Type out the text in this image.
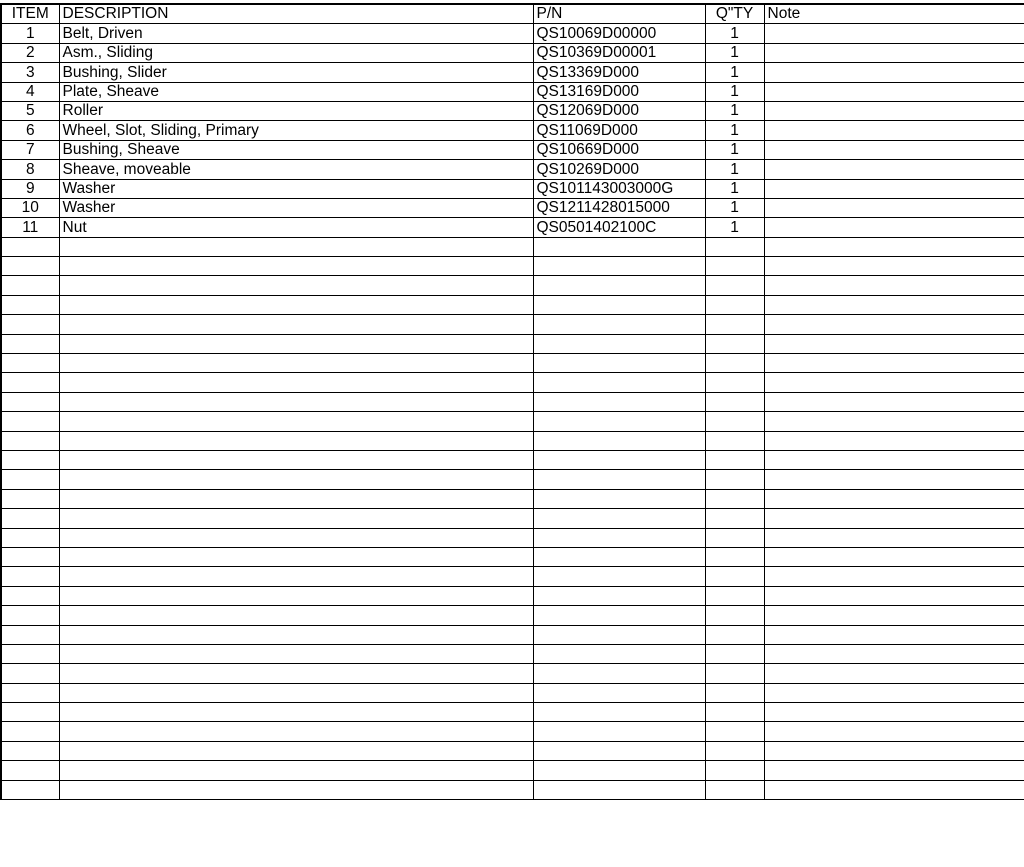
ITEM	DESCRIPTION	P/N	Q"TY	Note
1	Belt, Driven	QS10069D00000	1	
2	Asm., Sliding	QS10369D00001	1	
3	Bushing, Slider	QS13369D000	1	
4	Plate, Sheave	QS13169D000	1	
5	Roller	QS12069D000	1	
6	Wheel, Slot, Sliding, Primary	QS11069D000	1	
7	Bushing, Sheave	QS10669D000	1	
8	Sheave, moveable	QS10269D000	1	
9	Washer	QS101143003000G	1	
10	Washer	QS1211428015000	1	
11	Nut	QS0501402100C	1	
